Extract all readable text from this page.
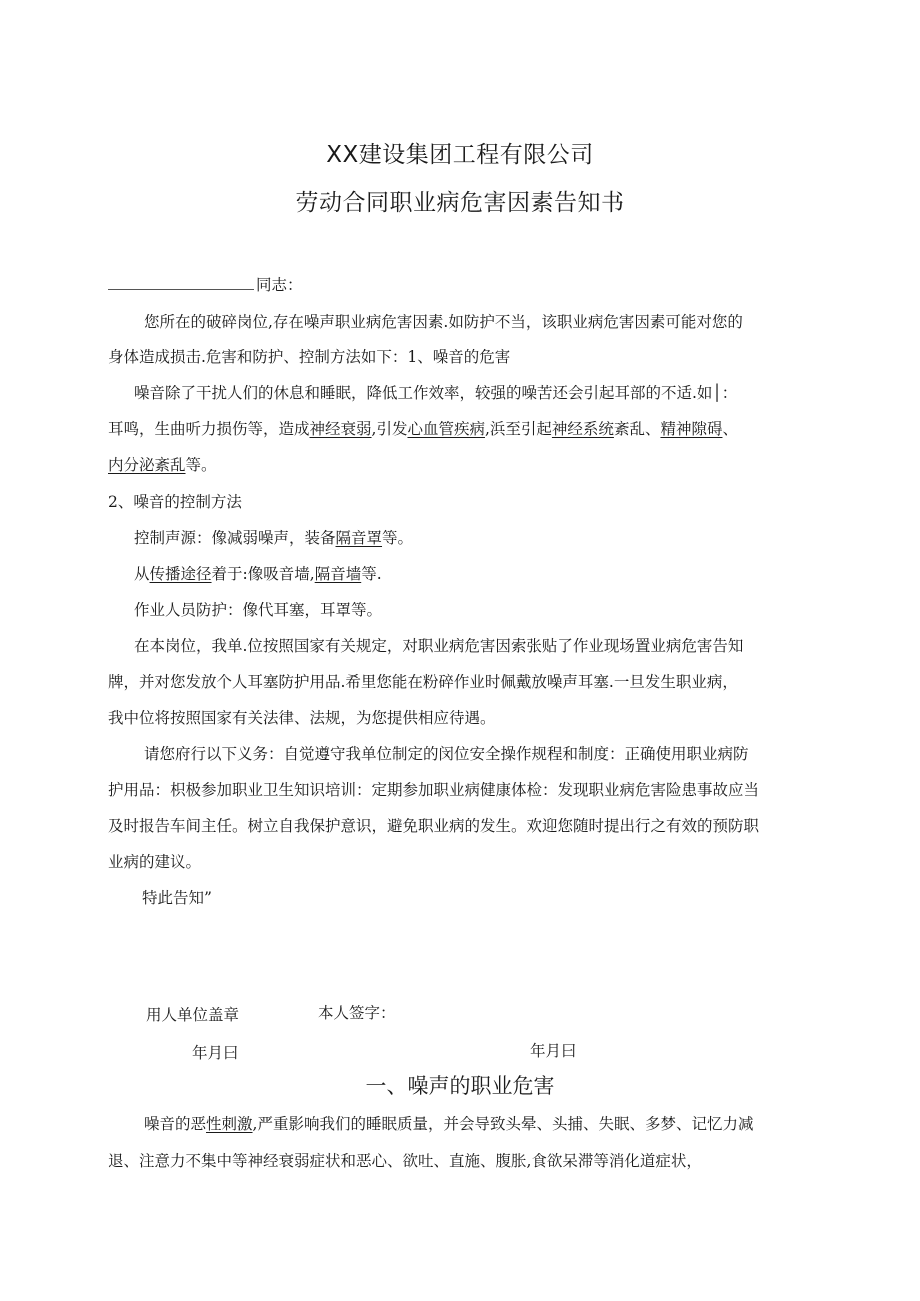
XX建设集团工程有限公司
劳动合同职业病危害因素告知书
同志：
您所在的破碎岗位,存在噪声职业病危害因素.如防护不当，该职业病危害因素可能对您的
身体造成损击.危害和防护、控制方法如下：1、噪音的危害
噪音除了干扰人们的休息和睡眠，降低工作效率，较强的噪苦还会引起耳部的不适.如│：
耳鸣，生曲听力损伤等，造成神经衰弱,引发心血管疾病,浜至引起神经系统紊乱、精神隙碍、
内分泌紊乱等。
2、噪音的控制方法
控制声源：像减弱噪声，装备隔音罩等。
从传播途径着于:像吸音墙,隔音墙等.
作业人员防护：像代耳塞，耳罩等。
在本岗位，我单.位按照国家有关规定，对职业病危害因索张贴了作业现场置业病危害告知
牌，并对您发放个人耳塞防护用品.希里您能在粉碎作业时佩戴放噪声耳塞.一旦发生职业病，
我中位将按照国家有关法律、法规，为您提供相应待遇。
请您府行以下义务：自觉遵守我单位制定的闵位安全操作规程和制度：正确使用职业病防
护用品：枳极参加职业卫生知识培训：定期参加职业病健康体检：发现职业病危害险患事故应当
及时报告车间主任。树立自我保护意识，避免职业病的发生。欢迎您随时提出行之有效的预防职
业病的建议。
特此告知”
用人单位盖章	本人签字：
年月曰	年月曰
一、噪声的职业危害
噪音的恶性刺激,严重影响我们的睡眠质量，并会导致头晕、头捕、失眠、多梦、记忆力减
退、注意力不集中等神经衰弱症状和恶心、欲吐、直施、腹胀,食欲呆滞等消化道症状，
